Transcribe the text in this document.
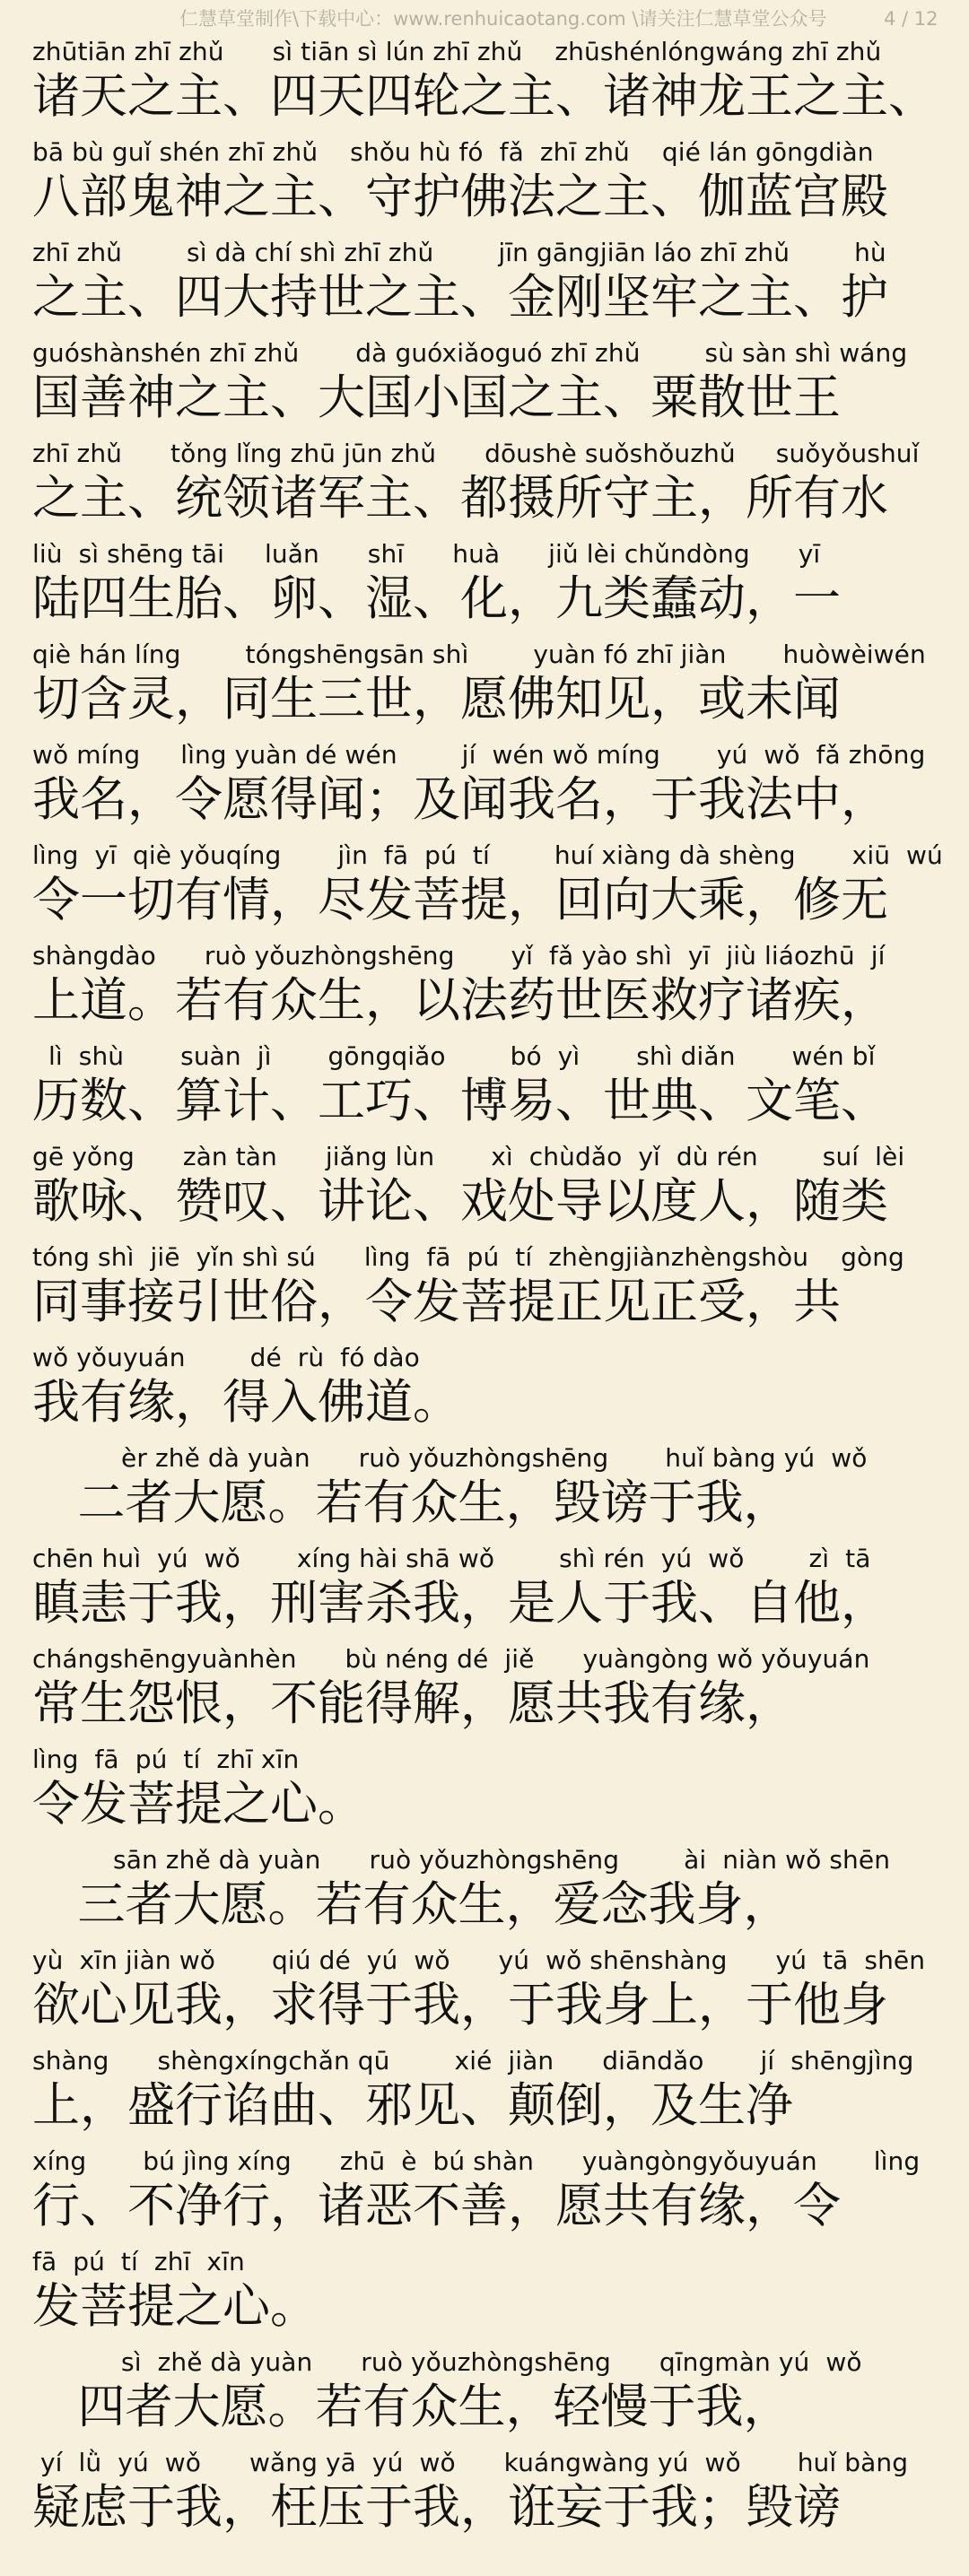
仁慧草堂制作\下载中心：www.renhuicaotang.com \请关注仁慧草堂公众号	4 / 12
zhūtiān zhī zhǔ      sì tiān sì lún zhī zhǔ    zhūshénlóngwáng zhī zhǔ
诸天之主、四天四轮之主、诸神龙王之主、
bā bù guǐ shén zhī zhǔ    shǒu hù fó  fǎ  zhī zhǔ    qié lán gōngdiàn
八部鬼神之主、守护佛法之主、伽蓝宫殿
zhī zhǔ        sì dà chí shì zhī zhǔ        jīn gāngjiān láo zhī zhǔ        hù
之主、四大持世之主、金刚坚牢之主、护
guóshànshén zhī zhǔ       dà guóxiǎoguó zhī zhǔ        sù sàn shì wáng
国善神之主、大国小国之主、粟散世王
zhī zhǔ      tǒng lǐng zhū jūn zhǔ      dōushè suǒshǒuzhǔ     suǒyǒushuǐ
之主、统领诸军主、都摄所守主，所有水
liù  sì shēng tāi     luǎn      shī      huà      jiǔ lèi chǔndòng      yī
陆四生胎、卵、湿、化，九类蠢动，一
qiè hán líng        tóngshēngsān shì        yuàn fó zhī jiàn       huòwèiwén
切含灵，同生三世，愿佛知见，或未闻
wǒ míng     lìng yuàn dé wén        jí  wén wǒ míng       yú  wǒ  fǎ zhōng
我名，令愿得闻；及闻我名，于我法中，
lìng  yī  qiè yǒuqíng       jìn  fā  pú  tí        huí xiàng dà shèng       xiū  wú
令一切有情，尽发菩提，回向大乘，修无
shàngdào      ruò yǒuzhòngshēng       yǐ  fǎ yào shì  yī  jiù liáozhū  jí
上道。若有众生，以法药世医救疗诸疾，
lì  shù       suàn  jì       gōngqiǎo        bó  yì       shì diǎn       wén bǐ
历数、算计、工巧、博易、世典、文笔、
gē yǒng      zàn tàn      jiǎng lùn       xì  chùdǎo  yǐ  dù rén        suí  lèi
歌咏、赞叹、讲论、戏处导以度人，随类
tóng shì  jiē  yǐn shì sú      lìng  fā  pú  tí  zhèngjiànzhèngshòu    gòng
同事接引世俗，令发菩提正见正受，共
wǒ yǒuyuán        dé  rù  fó dào
我有缘，得入佛道。
èr zhě dà yuàn      ruò yǒuzhòngshēng       huǐ bàng yú  wǒ
二者大愿。若有众生，毁谤于我，
chēn huì  yú  wǒ       xíng hài shā wǒ        shì rén  yú  wǒ        zì  tā
瞋恚于我，刑害杀我，是人于我、自他，
chángshēngyuànhèn      bù néng dé  jiě      yuàngòng wǒ yǒuyuán
常生怨恨，不能得解，愿共我有缘，
lìng  fā  pú  tí  zhī xīn
令发菩提之心。
sān zhě dà yuàn      ruò yǒuzhòngshēng        ài  niàn wǒ shēn
三者大愿。若有众生，爱念我身，
yù  xīn jiàn wǒ       qiú dé  yú  wǒ      yú  wǒ shēnshàng      yú  tā  shēn
欲心见我，求得于我，于我身上，于他身
shàng      shèngxíngchǎn qū        xié  jiàn      diāndǎo       jí  shēngjìng
上，盛行谄曲、邪见、颠倒，及生净
xíng       bú jìng xíng      zhū  è  bú shàn      yuàngòngyǒuyuán       lìng
行、不净行，诸恶不善，愿共有缘，令
fā  pú  tí  zhī  xīn
发菩提之心。
sì  zhě dà yuàn      ruò yǒuzhòngshēng      qīngmàn yú  wǒ
四者大愿。若有众生，轻慢于我，
yí  lǜ  yú  wǒ      wǎng yā  yú  wǒ      kuángwàng yú  wǒ       huǐ bàng
疑虑于我，枉压于我，诳妄于我；毁谤
